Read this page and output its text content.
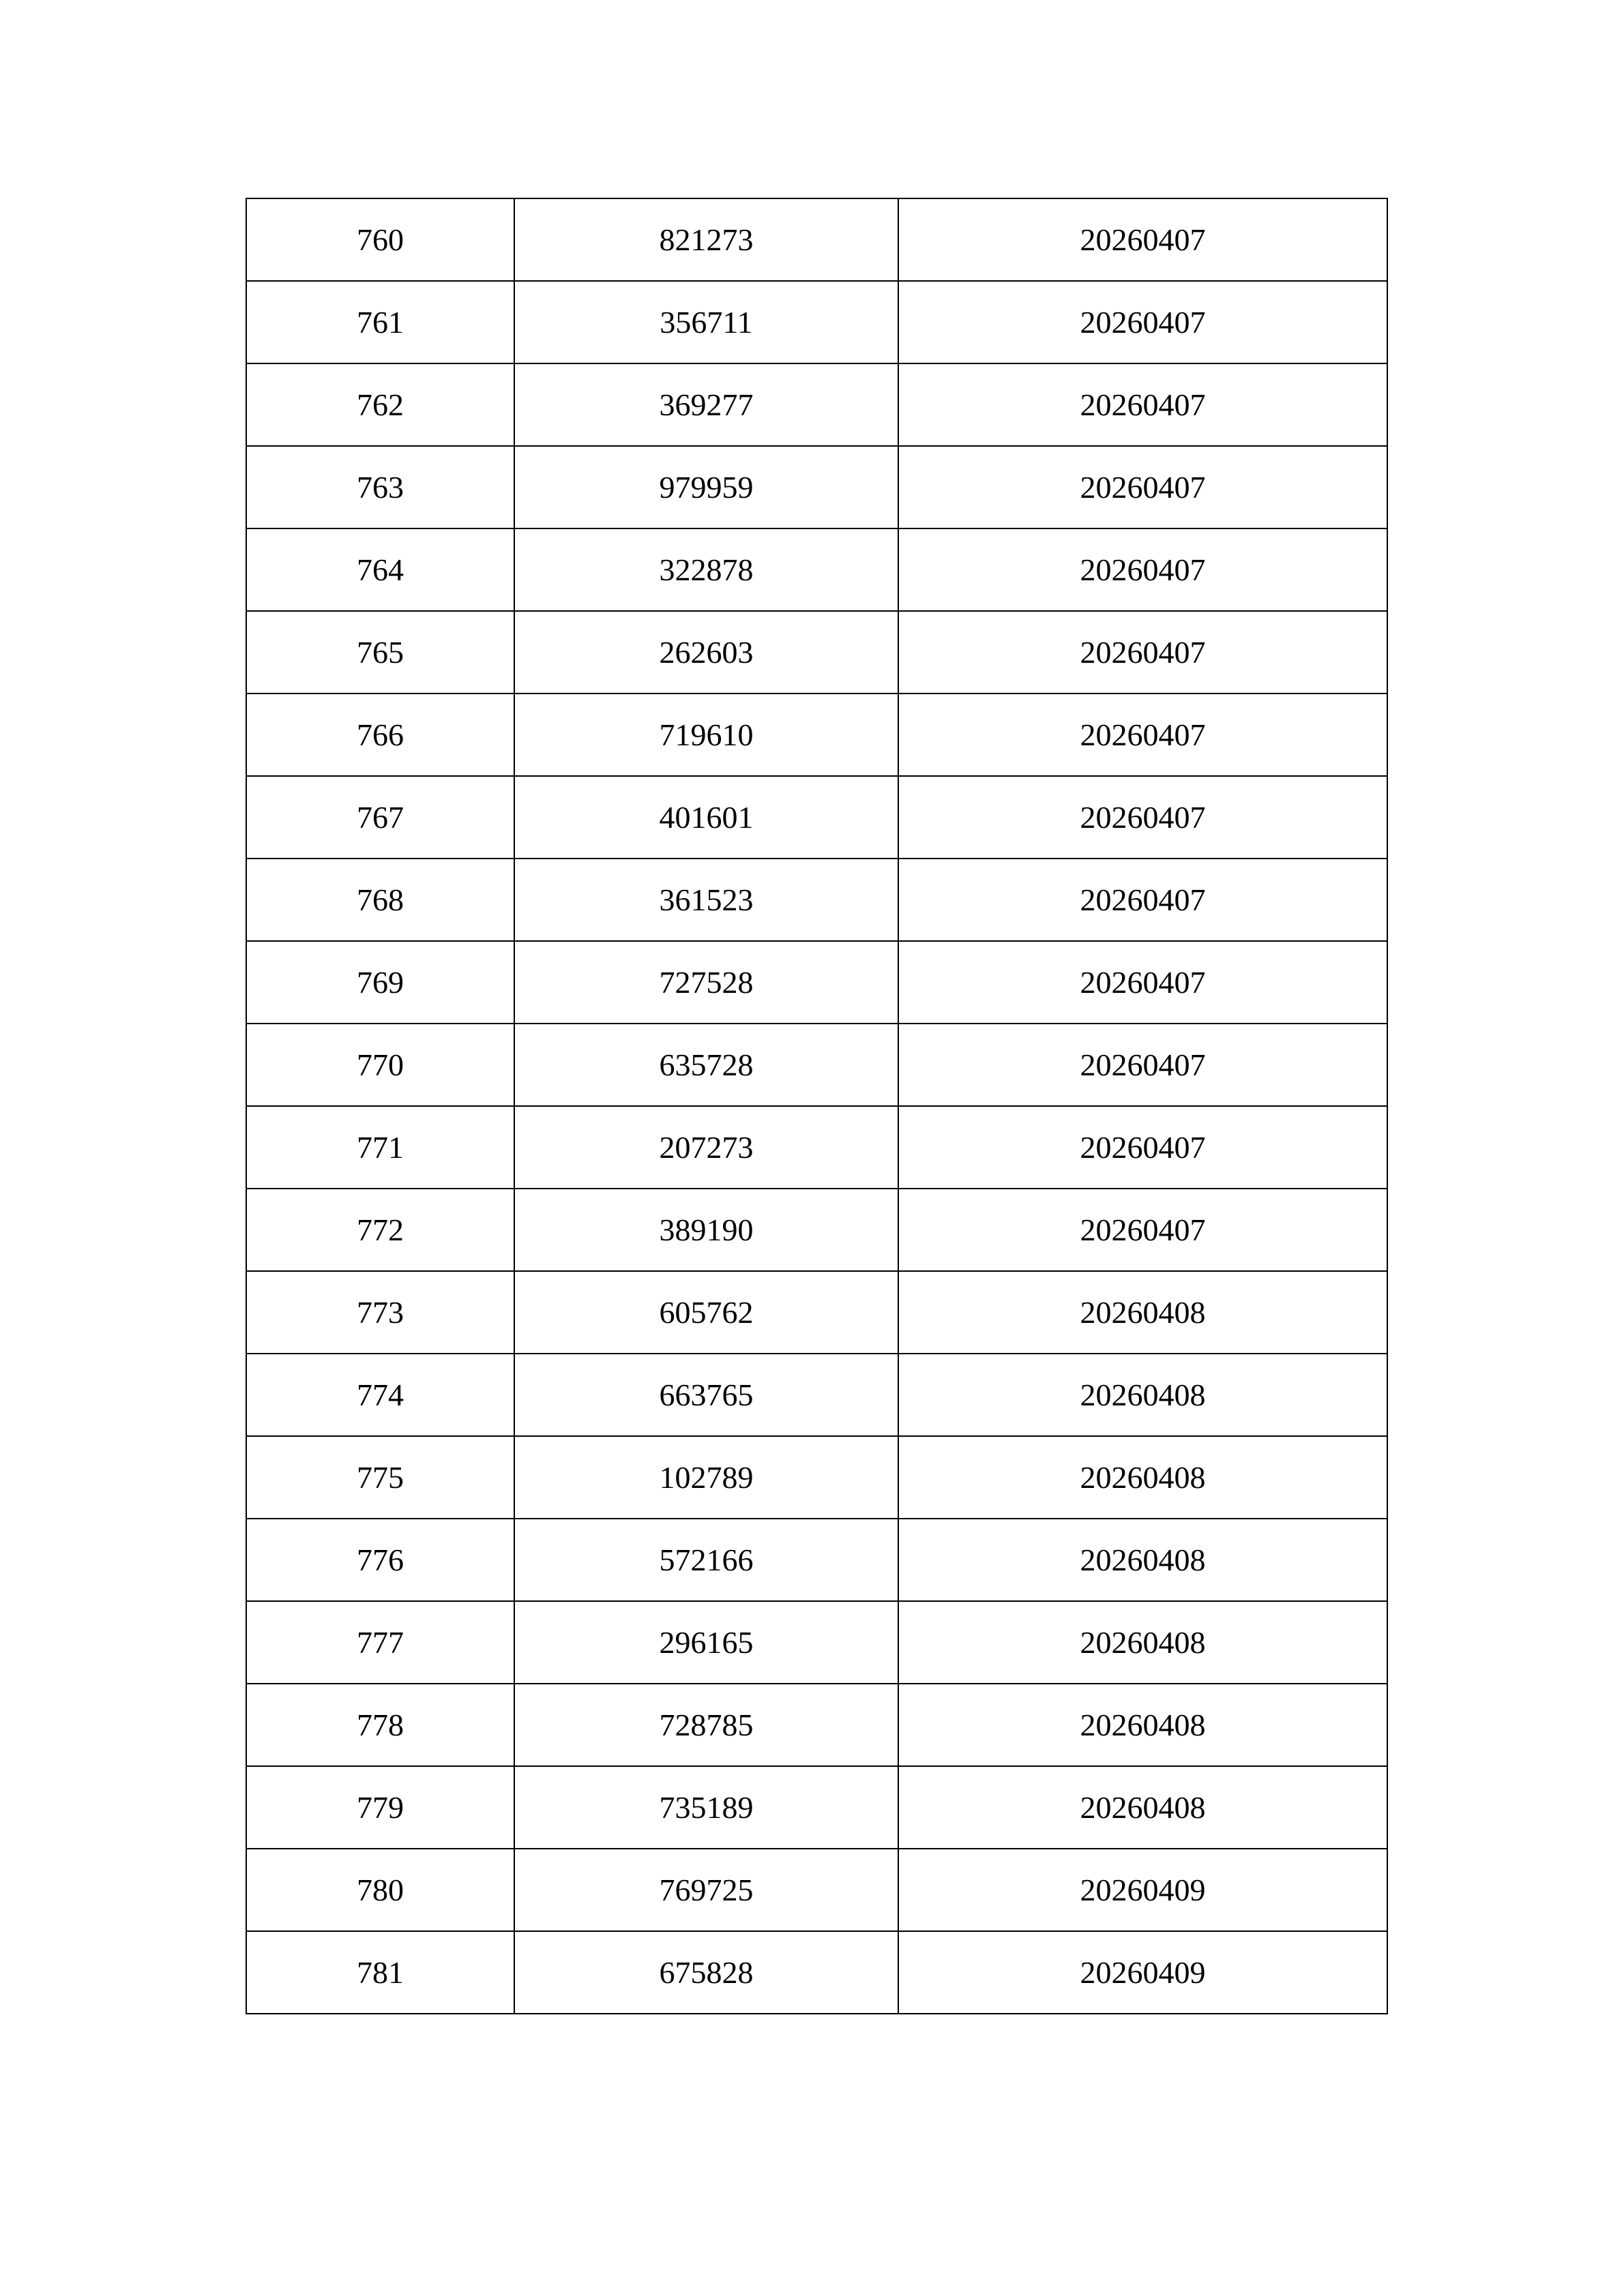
760	821273	20260407
761	356711	20260407
762	369277	20260407
763	979959	20260407
764	322878	20260407
765	262603	20260407
766	719610	20260407
767	401601	20260407
768	361523	20260407
769	727528	20260407
770	635728	20260407
771	207273	20260407
772	389190	20260407
773	605762	20260408
774	663765	20260408
775	102789	20260408
776	572166	20260408
777	296165	20260408
778	728785	20260408
779	735189	20260408
780	769725	20260409
781	675828	20260409
